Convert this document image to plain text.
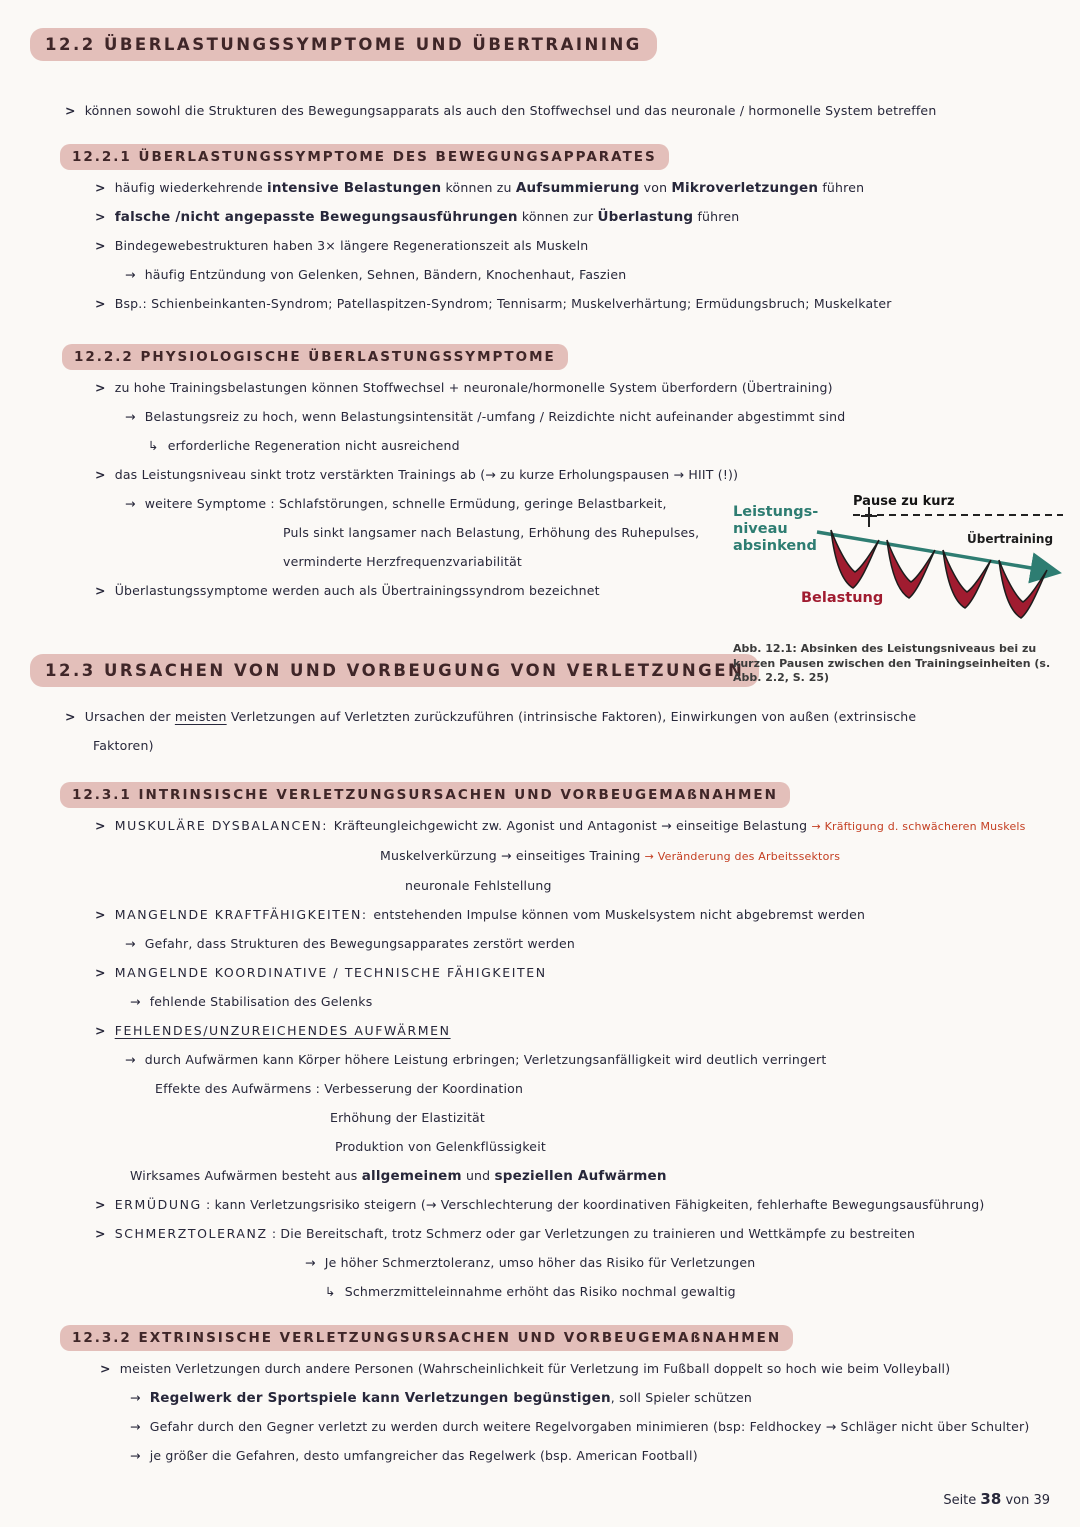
12.2 ÜBERLASTUNGSSYMPTOME UND ÜBERTRAINING
> können sowohl die Strukturen des Bewegungsapparats als auch den Stoffwechsel und das neuronale / hormonelle System betreffen
12.2.1 ÜBERLASTUNGSSYMPTOME DES BEWEGUNGSAPPARATES
> häufig wiederkehrende intensive Belastungen können zu Aufsummierung von Mikroverletzungen führen
> falsche /nicht angepasste Bewegungsausführungen können zur Überlastung führen
> Bindegewebestrukturen haben 3× längere Regenerationszeit als Muskeln
→ häufig Entzündung von Gelenken, Sehnen, Bändern, Knochenhaut, Faszien
> Bsp.: Schienbeinkanten-Syndrom; Patellaspitzen-Syndrom; Tennisarm; Muskelverhärtung; Ermüdungsbruch; Muskelkater
12.2.2 PHYSIOLOGISCHE ÜBERLASTUNGSSYMPTOME
> zu hohe Trainingsbelastungen können Stoffwechsel + neuronale/hormonelle System überfordern (Übertraining)
→ Belastungsreiz zu hoch, wenn Belastungsintensität /-umfang / Reizdichte nicht aufeinander abgestimmt sind
↳ erforderliche Regeneration nicht ausreichend
> das Leistungsniveau sinkt trotz verstärkten Trainings ab (→ zu kurze Erholungspausen → HIIT (!))
→ weitere Symptome : Schlafstörungen, schnelle Ermüdung, geringe Belastbarkeit,
Puls sinkt langsamer nach Belastung, Erhöhung des Ruhepulses,
verminderte Herzfrequenzvariabilität
> Überlastungssymptome werden auch als Übertrainingssyndrom bezeichnet
12.3 URSACHEN VON UND VORBEUGUNG VON VERLETZUNGEN
> Ursachen der meisten Verletzungen auf Verletzten zurückzuführen (intrinsische Faktoren), Einwirkungen von außen (extrinsische
Faktoren)
12.3.1 INTRINSISCHE VERLETZUNGSURSACHEN UND VORBEUGEMAßNAHMEN
> MUSKULÄRE DYSBALANCEN: Kräfteungleichgewicht zw. Agonist und Antagonist → einseitige Belastung → Kräftigung d. schwächeren Muskels
Muskelverkürzung → einseitiges Training → Veränderung des Arbeitssektors
neuronale Fehlstellung
> MANGELNDE KRAFTFÄHIGKEITEN: entstehenden Impulse können vom Muskelsystem nicht abgebremst werden
→ Gefahr, dass Strukturen des Bewegungsapparates zerstört werden
> MANGELNDE KOORDINATIVE / TECHNISCHE FÄHIGKEITEN
→ fehlende Stabilisation des Gelenks
> FEHLENDES/UNZUREICHENDES AUFWÄRMEN
→ durch Aufwärmen kann Körper höhere Leistung erbringen; Verletzungsanfälligkeit wird deutlich verringert
Effekte des Aufwärmens : Verbesserung der Koordination
Erhöhung der Elastizität
Produktion von Gelenkflüssigkeit
Wirksames Aufwärmen besteht aus allgemeinem und speziellen Aufwärmen
> ERMÜDUNG : kann Verletzungsrisiko steigern (→ Verschlechterung der koordinativen Fähigkeiten, fehlerhafte Bewegungsausführung)
> SCHMERZTOLERANZ : Die Bereitschaft, trotz Schmerz oder gar Verletzungen zu trainieren und Wettkämpfe zu bestreiten
→ Je höher Schmerztoleranz, umso höher das Risiko für Verletzungen
↳ Schmerzmitteleinnahme erhöht das Risiko nochmal gewaltig
12.3.2 EXTRINSISCHE VERLETZUNGSURSACHEN UND VORBEUGEMAßNAHMEN
> meisten Verletzungen durch andere Personen (Wahrscheinlichkeit für Verletzung im Fußball doppelt so hoch wie beim Volleyball)
→ Regelwerk der Sportspiele kann Verletzungen begünstigen, soll Spieler schützen
→ Gefahr durch den Gegner verletzt zu werden durch weitere Regelvorgaben minimieren (bsp: Feldhockey → Schläger nicht über Schulter)
→ je größer die Gefahren, desto umfangreicher das Regelwerk (bsp. American Football)
Leistungs-
niveau
absinkend
Pause zu kurz
Übertraining
Belastung
Abb. 12.1: Absinken des Leistungsniveaus bei zu kurzen Pausen zwischen den Trainingseinheiten (s. Abb. 2.2, S. 25)
Seite 38 von 39
